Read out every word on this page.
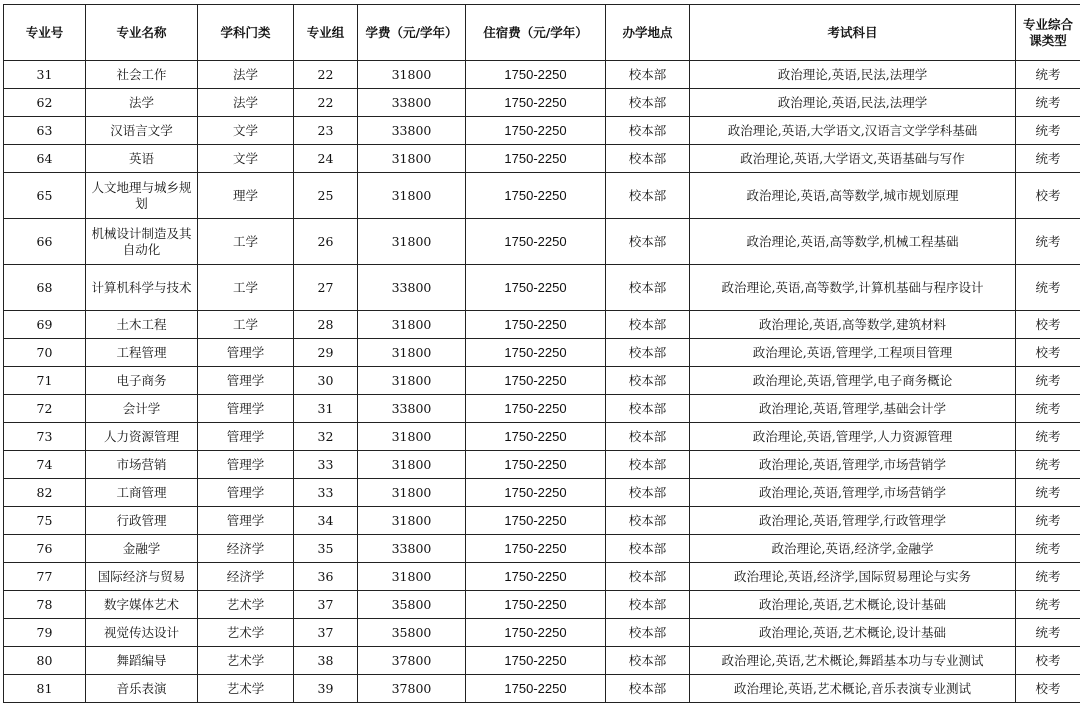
专业号	专业名称	学科门类	专业组	学费（元/学年）	住宿费（元/学年）	办学地点	考试科目	专业综合课类型
31	社会工作	法学	22	31800	1750-2250	校本部	政治理论,英语,民法,法理学	统考
62	法学	法学	22	33800	1750-2250	校本部	政治理论,英语,民法,法理学	统考
63	汉语言文学	文学	23	33800	1750-2250	校本部	政治理论,英语,大学语文,汉语言文学学科基础	统考
64	英语	文学	24	31800	1750-2250	校本部	政治理论,英语,大学语文,英语基础与写作	统考
65	人文地理与城乡规划	理学	25	31800	1750-2250	校本部	政治理论,英语,高等数学,城市规划原理	校考
66	机械设计制造及其自动化	工学	26	31800	1750-2250	校本部	政治理论,英语,高等数学,机械工程基础	统考
68	计算机科学与技术	工学	27	33800	1750-2250	校本部	政治理论,英语,高等数学,计算机基础与程序设计	统考
69	土木工程	工学	28	31800	1750-2250	校本部	政治理论,英语,高等数学,建筑材料	校考
70	工程管理	管理学	29	31800	1750-2250	校本部	政治理论,英语,管理学,工程项目管理	校考
71	电子商务	管理学	30	31800	1750-2250	校本部	政治理论,英语,管理学,电子商务概论	统考
72	会计学	管理学	31	33800	1750-2250	校本部	政治理论,英语,管理学,基础会计学	统考
73	人力资源管理	管理学	32	31800	1750-2250	校本部	政治理论,英语,管理学,人力资源管理	统考
74	市场营销	管理学	33	31800	1750-2250	校本部	政治理论,英语,管理学,市场营销学	统考
82	工商管理	管理学	33	31800	1750-2250	校本部	政治理论,英语,管理学,市场营销学	统考
75	行政管理	管理学	34	31800	1750-2250	校本部	政治理论,英语,管理学,行政管理学	统考
76	金融学	经济学	35	33800	1750-2250	校本部	政治理论,英语,经济学,金融学	统考
77	国际经济与贸易	经济学	36	31800	1750-2250	校本部	政治理论,英语,经济学,国际贸易理论与实务	统考
78	数字媒体艺术	艺术学	37	35800	1750-2250	校本部	政治理论,英语,艺术概论,设计基础	统考
79	视觉传达设计	艺术学	37	35800	1750-2250	校本部	政治理论,英语,艺术概论,设计基础	统考
80	舞蹈编导	艺术学	38	37800	1750-2250	校本部	政治理论,英语,艺术概论,舞蹈基本功与专业测试	校考
81	音乐表演	艺术学	39	37800	1750-2250	校本部	政治理论,英语,艺术概论,音乐表演专业测试	校考
